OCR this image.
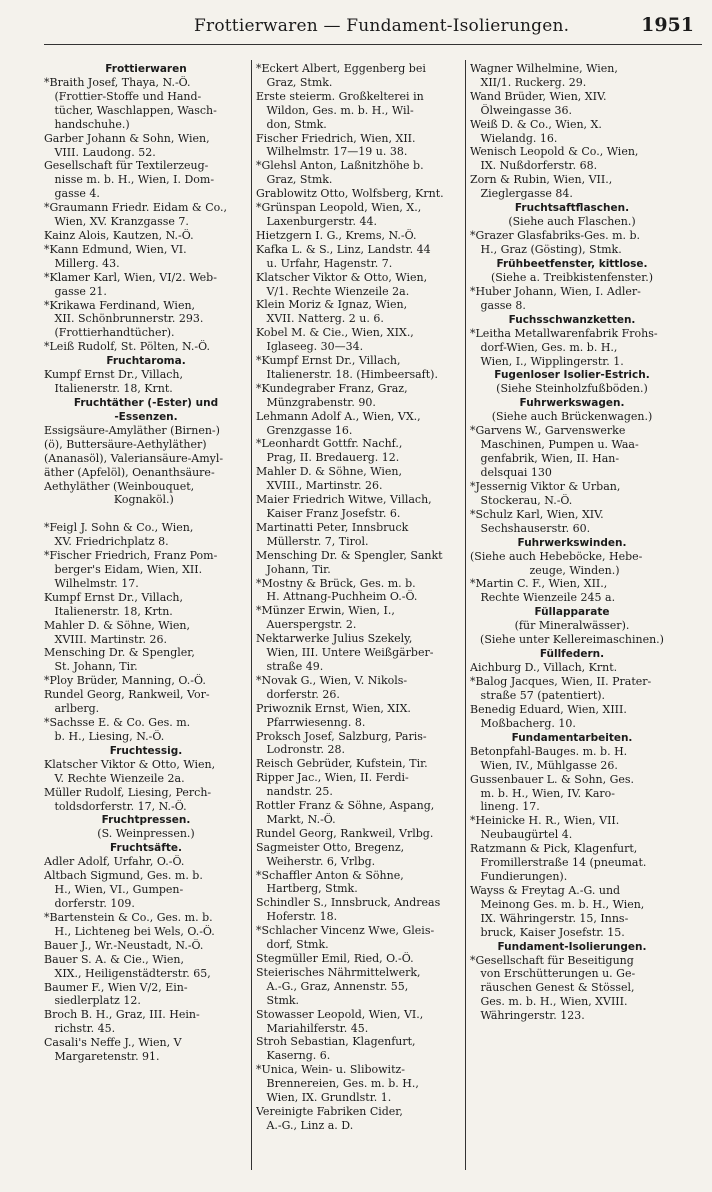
Frottierwaren — Fundament-Isolierungen.	1951
Frottierwaren
*Braith Josef, Thaya, N.-Ö.
(Frottier-Stoffe und Hand-
tücher, Waschlappen, Wasch-
handschuhe.)
Garber Johann & Sohn, Wien,
VIII. Laudong. 52.
Gesellschaft für Textilerzeug-
nisse m. b. H., Wien, I. Dom-
gasse 4.
*Graumann Friedr. Eidam & Co.,
Wien, XV. Kranzgasse 7.
Kainz Alois, Kautzen, N.-Ö.
*Kann Edmund, Wien, VI.
Millerg. 43.
*Klamer Karl, Wien, VI/2. Web-
gasse 21.
*Krikawa Ferdinand, Wien,
XII. Schönbrunnerstr. 293.
(Frottierhandtücher).
*Leiß Rudolf, St. Pölten, N.-Ö.
Fruchtaroma.
Kumpf Ernst Dr., Villach,
Italienerstr. 18, Krnt.
Fruchtäther (-Ester) und
-Essenzen.
Essigsäure-Amyläther (Birnen-)
(ö), Buttersäure-Aethyläther)
(Ananasöl), Valeriansäure-Amyl-
äther (Apfelöl), Oenanthsäure-
Aethyläther (Weinbouquet,
Kognaköl.)

*Feigl J. Sohn & Co., Wien,
XV. Friedrichplatz 8.
*Fischer Friedrich, Franz Pom-
berger's Eidam, Wien, XII.
Wilhelmstr. 17.
Kumpf Ernst Dr., Villach,
Italienerstr. 18, Krtn.
Mahler D. & Söhne, Wien,
XVIII. Martinstr. 26.
Mensching Dr. & Spengler,
St. Johann, Tir.
*Ploy Brüder, Manning, O.-Ö.
Rundel Georg, Rankweil, Vor-
arlberg.
*Sachsse E. & Co. Ges. m.
b. H., Liesing, N.-Ö.
Fruchtessig.
Klatscher Viktor & Otto, Wien,
V. Rechte Wienzeile 2a.
Müller Rudolf, Liesing, Perch-
toldsdorferstr. 17, N.-Ö.
Fruchtpressen.
(S. Weinpressen.)
Fruchtsäfte.
Adler Adolf, Urfahr, O.-Ö.
Altbach Sigmund, Ges. m. b.
H., Wien, VI., Gumpen-
dorferstr. 109.
*Bartenstein & Co., Ges. m. b.
H., Lichteneg bei Wels, O.-Ö.
Bauer J., Wr.-Neustadt, N.-Ö.
Bauer S. A. & Cie., Wien,
XIX., Heiligenstädterstr. 65,
Baumer F., Wien V/2, Ein-
siedlerplatz 12.
Broch B. H., Graz, III. Hein-
richstr. 45.
Casali's Neffe J., Wien, V
Margaretenstr. 91.
*Eckert Albert, Eggenberg bei
Graz, Stmk.
Erste steierm. Großkelterei in
Wildon, Ges. m. b. H., Wil-
don, Stmk.
Fischer Friedrich, Wien, XII.
Wilhelmstr. 17—19 u. 38.
*Glehsl Anton, Laßnitzhöhe b.
Graz, Stmk.
Grablowitz Otto, Wolfsberg, Krnt.
*Grünspan Leopold, Wien, X.,
Laxenburgerstr. 44.
Hietzgern I. G., Krems, N.-Ö.
Kafka L. & S., Linz, Landstr. 44
u. Urfahr, Hagenstr. 7.
Klatscher Viktor & Otto, Wien,
V/1. Rechte Wienzeile 2a.
Klein Moriz & Ignaz, Wien,
XVII. Natterg. 2 u. 6.
Kobel M. & Cie., Wien, XIX.,
Iglaseeg. 30—34.
*Kumpf Ernst Dr., Villach,
Italienerstr. 18. (Himbeersaft).
*Kundegraber Franz, Graz,
Münzgrabenstr. 90.
Lehmann Adolf A., Wien, VX.,
Grenzgasse 16.
*Leonhardt Gottfr. Nachf.,
Prag, II. Bredauerg. 12.
Mahler D. & Söhne, Wien,
XVIII., Martinstr. 26.
Maier Friedrich Witwe, Villach,
Kaiser Franz Josefstr. 6.
Martinatti Peter, Innsbruck
Müllerstr. 7, Tirol.
Mensching Dr. & Spengler, Sankt
Johann, Tir.
*Mostny & Brück, Ges. m. b.
H. Attnang-Puchheim O.-Ö.
*Münzer Erwin, Wien, I.,
Auerspergstr. 2.
Nektarwerke Julius Szekely,
Wien, III. Untere Weißgärber-
straße 49.
*Novak G., Wien, V. Nikols-
dorferstr. 26.
Priwoznik Ernst, Wien, XIX.
Pfarrwiesenng. 8.
Proksch Josef, Salzburg, Paris-
Lodronstr. 28.
Reisch Gebrüder, Kufstein, Tir.
Ripper Jac., Wien, II. Ferdi-
nandstr. 25.
Rottler Franz & Söhne, Aspang,
Markt, N.-Ö.
Rundel Georg, Rankweil, Vrlbg.
Sagmeister Otto, Bregenz,
Weiherstr. 6, Vrlbg.
*Schaffler Anton & Söhne,
Hartberg, Stmk.
Schindler S., Innsbruck, Andreas
Hoferstr. 18.
*Schlacher Vincenz Wwe, Gleis-
dorf, Stmk.
Stegmüller Emil, Ried, O.-Ö.
Steierisches Nährmittelwerk,
A.-G., Graz, Annenstr. 55,
Stmk.
Stowasser Leopold, Wien, VI.,
Mariahilferstr. 45.
Stroh Sebastian, Klagenfurt,
Kaserng. 6.
*Unica, Wein- u. Slibowitz-
Brennereien, Ges. m. b. H.,
Wien, IX. Grundlstr. 1.
Vereinigte Fabriken Cider,
A.-G., Linz a. D.
Wagner Wilhelmine, Wien,
XII/1. Ruckerg. 29.
Wand Brüder, Wien, XIV.
Ölweingasse 36.
Weiß D. & Co., Wien, X.
Wielandg. 16.
Wenisch Leopold & Co., Wien,
IX. Nußdorferstr. 68.
Zorn & Rubin, Wien, VII.,
Zieglergasse 84.
Fruchtsaftflaschen.
(Siehe auch Flaschen.)
*Grazer Glasfabriks-Ges. m. b.
H., Graz (Gösting), Stmk.
Frühbeetfenster, kittlose.
(Siehe a. Treibkistenfenster.)
*Huber Johann, Wien, I. Adler-
gasse 8.
Fuchsschwanzketten.
*Leitha Metallwarenfabrik Frohs-
dorf-Wien, Ges. m. b. H.,
Wien, I., Wipplingerstr. 1.
Fugenloser Isolier-Estrich.
(Siehe Steinholzfußböden.)
Fuhrwerkswagen.
(Siehe auch Brückenwagen.)
*Garvens W., Garvenswerke
Maschinen, Pumpen u. Waa-
genfabrik, Wien, II. Han-
delsquai 130
*Jessernig Viktor & Urban,
Stockerau, N.-Ö.
*Schulz Karl, Wien, XIV.
Sechshauserstr. 60.
Fuhrwerkswinden.
(Siehe auch Hebeböcke, Hebe-
zeuge, Winden.)
*Martin C. F., Wien, XII.,
Rechte Wienzeile 245 a.
Füllapparate
(für Mineralwässer).
(Siehe unter Kellereimaschinen.)
Füllfedern.
Aichburg D., Villach, Krnt.
*Balog Jacques, Wien, II. Prater-
straße 57 (patentiert).
Benedig Eduard, Wien, XIII.
Moßbacherg. 10.
Fundamentarbeiten.
Betonpfahl-Bauges. m. b. H.
Wien, IV., Mühlgasse 26.
Gussenbauer L. & Sohn, Ges.
m. b. H., Wien, IV. Karo-
lineng. 17.
*Heinicke H. R., Wien, VII.
Neubaugürtel 4.
Ratzmann & Pick, Klagenfurt,
Fromillerstraße 14 (pneumat.
Fundierungen).
Wayss & Freytag A.-G. und
Meinong Ges. m. b. H., Wien,
IX. Währingerstr. 15, Inns-
bruck, Kaiser Josefstr. 15.
Fundament-Isolierungen.
*Gesellschaft für Beseitigung
von Erschütterungen u. Ge-
räuschen Genest & Stössel,
Ges. m. b. H., Wien, XVIII.
Währingerstr. 123.
